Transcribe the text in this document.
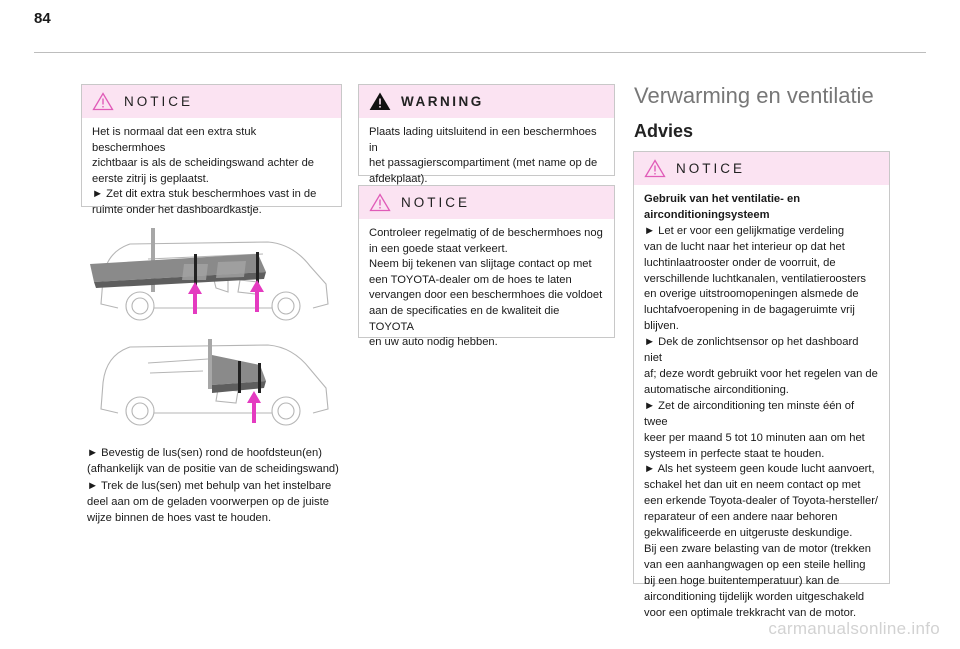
84
NOTICE

Het is normaal dat een extra stuk beschermhoes

zichtbaar is als de scheidingswand achter de

eerste zitrij is geplaatst.

► Zet dit extra stuk beschermhoes vast in de

ruimte onder het dashboardkastje.

► Bevestig de lus(sen) rond de hoofdsteun(en)

(afhankelijk van de positie van de scheidingswand)

► Trek de lus(sen) met behulp van het instelbare

deel aan om de geladen voorwerpen op de juiste

wijze binnen de hoes vast te houden.

WARNING

Plaats lading uitsluitend in een beschermhoes in

het passagierscompartiment (met name op de

afdekplaat).

NOTICE

Controleer regelmatig of de beschermhoes nog

in een goede staat verkeert.

Neem bij tekenen van slijtage contact op met

een TOYOTA-dealer om de hoes te laten

vervangen door een beschermhoes die voldoet

aan de specificaties en de kwaliteit die TOYOTA

en uw auto nodig hebben.

Verwarming en ventilatie
Advies
NOTICE

Gebruik van het ventilatie- en

airconditioningsysteem

► Let er voor een gelijkmatige verdeling

van de lucht naar het interieur op dat het

luchtinlaatrooster onder de voorruit, de

verschillende luchtkanalen, ventilatieroosters

en overige uitstroomopeningen alsmede de

luchtafvoeropening in de bagageruimte vrij

blijven.

► Dek de zonlichtsensor op het dashboard niet

af; deze wordt gebruikt voor het regelen van de

automatische airconditioning.

► Zet de airconditioning ten minste één of twee

keer per maand 5 tot 10 minuten aan om het

systeem in perfecte staat te houden.

► Als het systeem geen koude lucht aanvoert,

schakel het dan uit en neem contact op met

een erkende Toyota-dealer of Toyota-hersteller/

reparateur of een andere naar behoren

gekwalificeerde en uitgeruste deskundige.

Bij een zware belasting van de motor (trekken

van een aanhangwagen op een steile helling

bij een hoge buitentemperatuur) kan de

airconditioning tijdelijk worden uitgeschakeld

voor een optimale trekkracht van de motor.

carmanualsonline.info
